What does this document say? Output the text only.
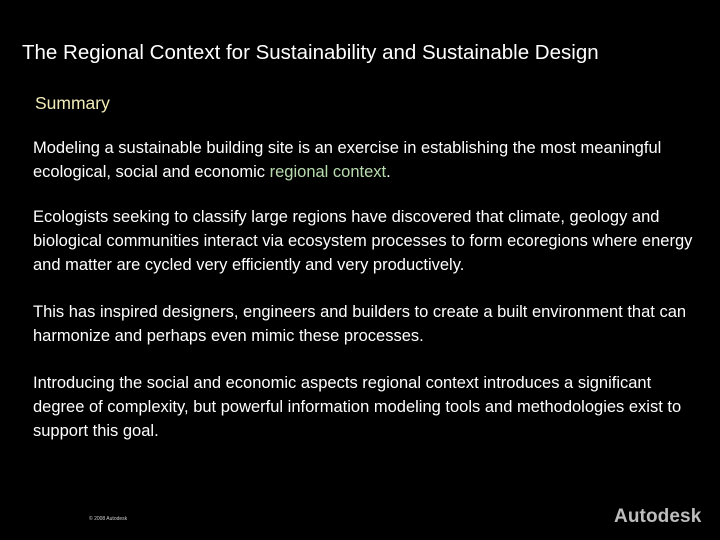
The Regional Context for Sustainability and Sustainable Design
Summary
Modeling a sustainable building site is an exercise in establishing the most meaningful ecological, social and economic regional context.
Ecologists seeking to classify large regions have discovered that climate, geology and biological communities interact via ecosystem processes to form ecoregions where energy and matter are cycled very efficiently and very productively.
This has inspired designers, engineers and builders to create a built environment that can harmonize and perhaps even mimic these processes.
Introducing the social and economic aspects regional context introduces a significant degree of complexity, but powerful information modeling tools and methodologies exist to support this goal.
© 2008 Autodesk	Autodesk
